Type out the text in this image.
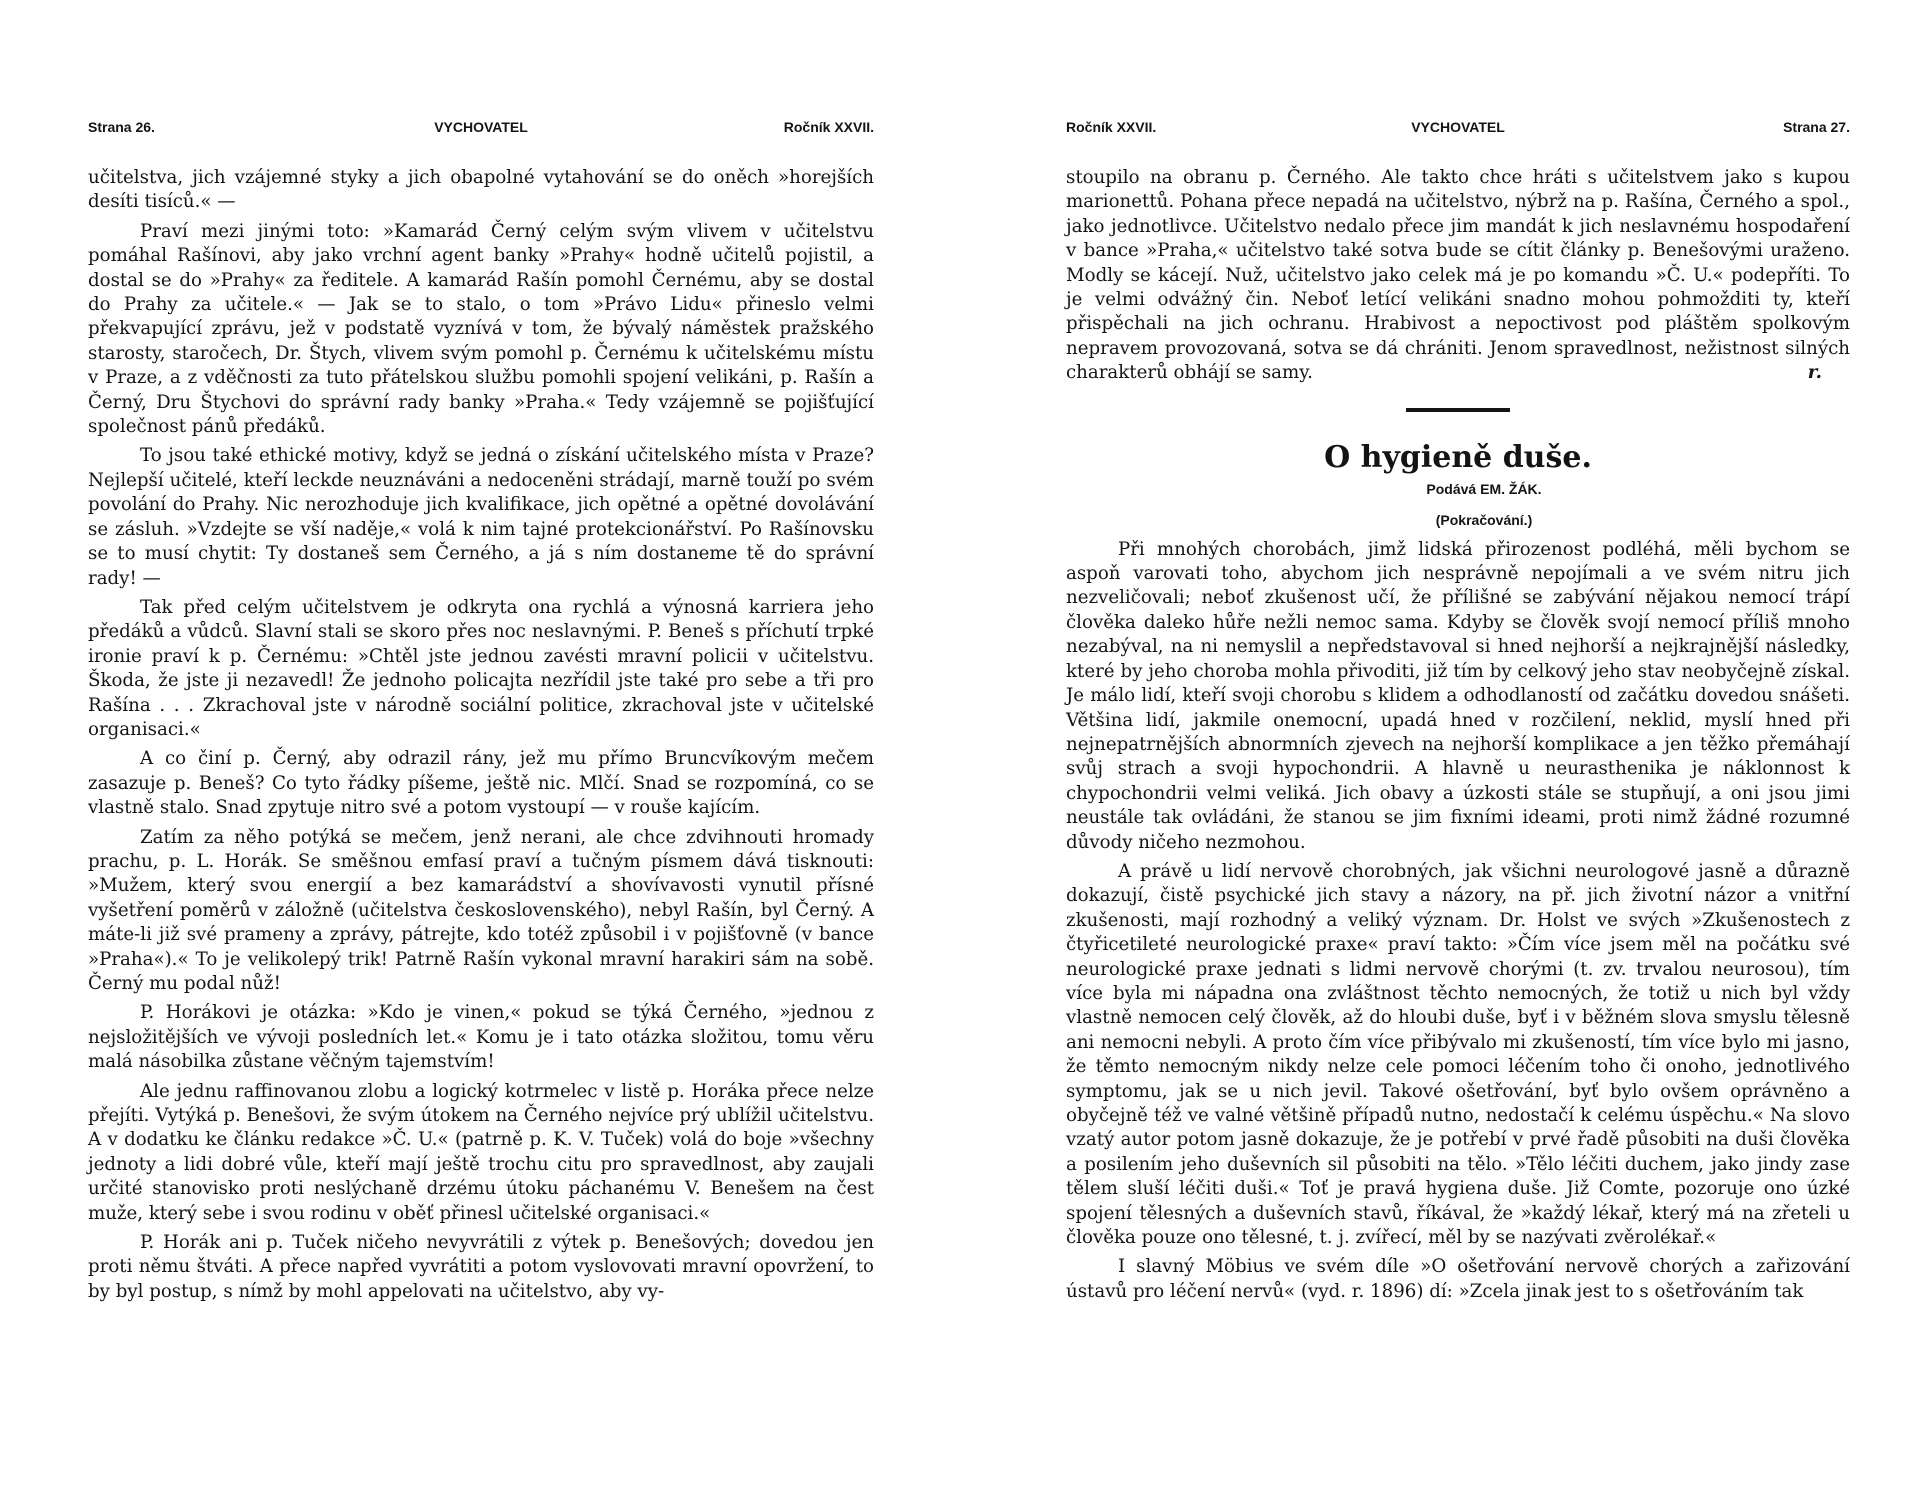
Strana 26.	VYCHOVATEL	Ročník XXVII.

učitelstva, jich vzájemné styky a jich obapolné vytahování se do oněch »horejších desíti tisíců.« —

Praví mezi jinými toto: »Kamarád Černý celým svým vlivem v učitelstvu pomáhal Rašínovi, aby jako vrchní agent banky »Prahy« hodně učitelů pojistil, a dostal se do »Prahy« za ředitele. A kamarád Rašín pomohl Černému, aby se dostal do Prahy za učitele.« — Jak se to stalo, o tom »Právo Lidu« přineslo velmi překvapující zprávu, jež v podstatě vyznívá v tom, že bývalý náměstek pražského starosty, staročech, Dr. Štych, vlivem svým pomohl p. Černému k učitelskému místu v Praze, a z vděčnosti za tuto přátelskou službu pomohli spojení velikáni, p. Rašín a Černý, Dru Štychovi do správní rady banky »Praha.« Tedy vzájemně se pojišťující společnost pánů předáků.

To jsou také ethické motivy, když se jedná o získání učitelského místa v Praze? Nejlepší učitelé, kteří leckde neuznáváni a nedoceněni strádají, marně touží po svém povolání do Prahy. Nic nerozhoduje jich kvalifikace, jich opětné a opětné dovolávání se zásluh. »Vzdejte se vší naděje,« volá k nim tajné protekcionářství. Po Rašínovsku se to musí chytit: Ty dostaneš sem Černého, a já s ním dostaneme tě do správní rady! —

Tak před celým učitelstvem je odkryta ona rychlá a výnosná karriera jeho předáků a vůdců. Slavní stali se skoro přes noc neslavnými. P. Beneš s příchutí trpké ironie praví k p. Černému: »Chtěl jste jednou zavésti mravní policii v učitelstvu. Škoda, že jste ji nezavedl! Že jednoho policajta nezřídil jste také pro sebe a tři pro Rašína . . . Zkrachoval jste v národně sociální politice, zkrachoval jste v učitelské organisaci.«

A co činí p. Černý, aby odrazil rány, jež mu přímo Bruncvíkovým mečem zasazuje p. Beneš? Co tyto řádky píšeme, ještě nic. Mlčí. Snad se rozpomíná, co se vlastně stalo. Snad zpytuje nitro své a potom vystoupí — v rouše kajícím.

Zatím za něho potýká se mečem, jenž nerani, ale chce zdvihnouti hromady prachu, p. L. Horák. Se směšnou emfasí praví a tučným písmem dává tisknouti: »Mužem, který svou energií a bez kamarádství a shovívavosti vynutil přísné vyšetření poměrů v záložně (učitelstva československého), nebyl Rašín, byl Černý. A máte-li již své prameny a zprávy, pátrejte, kdo totéž způsobil i v pojišťovně (v bance »Praha«).« To je velikolepý trik! Patrně Rašín vykonal mravní harakiri sám na sobě. Černý mu podal nůž!

P. Horákovi je otázka: »Kdo je vinen,« pokud se týká Černého, »jednou z nejsložitějších ve vývoji posledních let.« Komu je i tato otázka složitou, tomu věru malá násobilka zůstane věčným tajemstvím!

Ale jednu raffinovanou zlobu a logický kotrmelec v listě p. Horáka přece nelze přejíti. Vytýká p. Benešovi, že svým útokem na Černého nejvíce prý ublížil učitelstvu. A v dodatku ke článku redakce »Č. U.« (patrně p. K. V. Tuček) volá do boje »všechny jednoty a lidi dobré vůle, kteří mají ještě trochu citu pro spravedlnost, aby zaujali určité stanovisko proti neslýchaně drzému útoku páchanému V. Benešem na čest muže, který sebe i svou rodinu v oběť přinesl učitelské organisaci.«

P. Horák ani p. Tuček ničeho nevyvrátili z výtek p. Benešových; dovedou jen proti němu štváti. A přece napřed vyvrátiti a potom vyslovovati mravní opovržení, to by byl postup, s nímž by mohl appelovati na učitelstvo, aby vy-

Ročník XXVII.	VYCHOVATEL	Strana 27.

stoupilo na obranu p. Černého. Ale takto chce hráti s učitelstvem jako s kupou marionettů. Pohana přece nepadá na učitelstvo, nýbrž na p. Rašína, Černého a spol., jako jednotlivce. Učitelstvo nedalo přece jim mandát k jich neslavnému hospodaření v bance »Praha,« učitelstvo také sotva bude se cítit články p. Benešovými uraženo. Modly se kácejí. Nuž, učitelstvo jako celek má je po komandu »Č. U.« podepříti. To je velmi odvážný čin. Neboť letící velikáni snadno mohou pohmožditi ty, kteří přispěchali na jich ochranu. Hrabivost a nepoctivost pod pláštěm spolkovým nepravem provozovaná, sotva se dá chrániti. Jenom spravedlnost, nežistnost silných charakterů obhájí se samy.	r.

O hygieně duše.

Podává EM. ŽÁK.

(Pokračování.)

Při mnohých chorobách, jimž lidská přirozenost podléhá, měli bychom se aspoň varovati toho, abychom jich nesprávně nepojímali a ve svém nitru jich nezveličovali; neboť zkušenost učí, že přílišné se zabývání nějakou nemocí trápí člověka daleko hůře nežli nemoc sama. Kdyby se člověk svojí nemocí příliš mnoho nezabýval, na ni nemyslil a nepředstavoval si hned nejhorší a nejkrajnější následky, které by jeho choroba mohla přivoditi, již tím by celkový jeho stav neobyčejně získal. Je málo lidí, kteří svoji chorobu s klidem a odhodlaností od začátku dovedou snášeti. Většina lidí, jakmile onemocní, upadá hned v rozčilení, neklid, myslí hned při nejnepatrnějších abnormních zjevech na nejhorší komplikace a jen těžko přemáhají svůj strach a svoji hypochondrii. A hlavně u neurasthenika je náklonnost k chypochondrii velmi veliká. Jich obavy a úzkosti stále se stupňují, a oni jsou jimi neustále tak ovládáni, že stanou se jim fixními ideami, proti nimž žádné rozumné důvody ničeho nezmohou.

A právě u lidí nervově chorobných, jak všichni neurologové jasně a důrazně dokazují, čistě psychické jich stavy a názory, na př. jich životní názor a vnitřní zkušenosti, mají rozhodný a veliký význam. Dr. Holst ve svých »Zkušenostech z čtyřicetileté neurologické praxe« praví takto: »Čím více jsem měl na počátku své neurologické praxe jednati s lidmi nervově chorými (t. zv. trvalou neurosou), tím více byla mi nápadna ona zvláštnost těchto nemocných, že totiž u nich byl vždy vlastně nemocen celý člověk, až do hloubi duše, byť i v běžném slova smyslu tělesně ani nemocni nebyli. A proto čím více přibývalo mi zkušeností, tím více bylo mi jasno, že těmto nemocným nikdy nelze cele pomoci léčením toho či onoho, jednotlivého symptomu, jak se u nich jevil. Takové ošetřování, byť bylo ovšem oprávněno a obyčejně též ve valné většině případů nutno, nedostačí k celému úspěchu.« Na slovo vzatý autor potom jasně dokazuje, že je potřebí v prvé řadě působiti na duši člověka a posilením jeho duševních sil působiti na tělo. »Tělo léčiti duchem, jako jindy zase tělem sluší léčiti duši.« Toť je pravá hygiena duše. Již Comte, pozoruje ono úzké spojení tělesných a duševních stavů, říkával, že »každý lékař, který má na zřeteli u člověka pouze ono tělesné, t. j. zvířecí, měl by se nazývati zvěrolékař.«

I slavný Möbius ve svém díle »O ošetřování nervově chorých a zařizování ústavů pro léčení nervů« (vyd. r. 1896) dí: »Zcela jinak jest to s ošetřováním tak
